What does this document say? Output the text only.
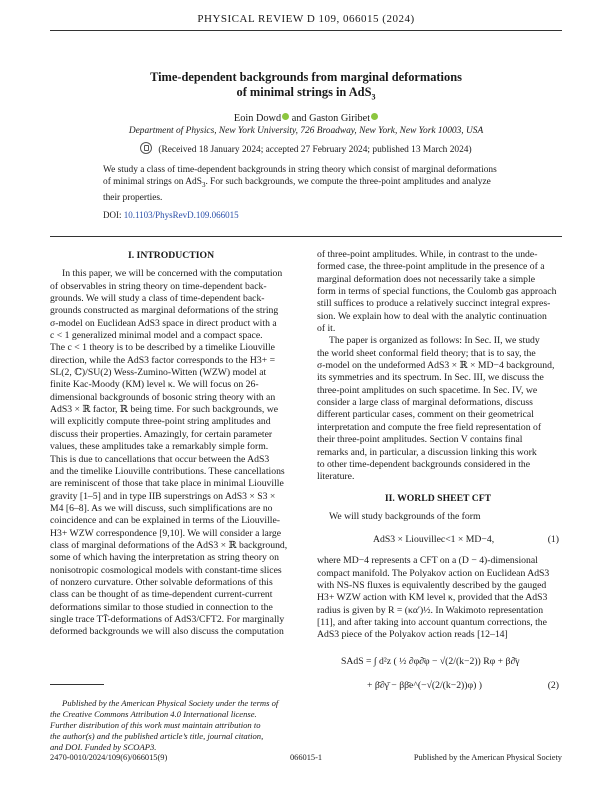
PHYSICAL REVIEW D 109, 066015 (2024)
Time-dependent backgrounds from marginal deformations
of minimal strings in AdS$_3$
Eoin Dowd and Gaston Giribet
Department of Physics, New York University, 726 Broadway, New York, New York 10003, USA
(Received 18 January 2024; accepted 27 February 2024; published 13 March 2024)
We study a class of time-dependent backgrounds in string theory which consist of marginal deformations
of minimal strings on AdS$_3$. For such backgrounds, we compute the three-point amplitudes and analyze
their properties.
DOI: 10.1103/PhysRevD.109.066015
I. INTRODUCTION
In this paper, we will be concerned with the computation
of observables in string theory on time-dependent back-
grounds. We will study a class of time-dependent back-
grounds constructed as marginal deformations of the string
σ-model on Euclidean AdS3 space in direct product with a
c < 1 generalized minimal model and a compact space.
The c < 1 theory is to be described by a timelike Liouville
direction, while the AdS3 factor corresponds to the H3+ =
SL(2, ℂ)/SU(2) Wess-Zumino-Witten (WZW) model at
finite Kac-Moody (KM) level κ. We will focus on 26-
dimensional backgrounds of bosonic string theory with an
AdS3 × ℝ factor, ℝ being time. For such backgrounds, we
will explicitly compute three-point string amplitudes and
discuss their properties. Amazingly, for certain parameter
values, these amplitudes take a remarkably simple form.
This is due to cancellations that occur between the AdS3
and the timelike Liouville contributions. These cancellations
are reminiscent of those that take place in minimal Liouville
gravity [1–5] and in type IIB superstrings on AdS3 × S3 ×
M4 [6–8]. As we will discuss, such simplifications are no
coincidence and can be explained in terms of the Liouville-
H3+ WZW correspondence [9,10]. We will consider a large
class of marginal deformations of the AdS3 × ℝ background,
some of which having the interpretation as string theory on
nonisotropic cosmological models with constant-time slices
of nonzero curvature. Other solvable deformations of this
class can be thought of as time-dependent current-current
deformations similar to those studied in connection to the
single trace TT̄-deformations of AdS3/CFT2. For marginally
deformed backgrounds we will also discuss the computation
of three-point amplitudes. While, in contrast to the unde-
formed case, the three-point amplitude in the presence of a
marginal deformation does not necessarily take a simple
form in terms of special functions, the Coulomb gas approach
still suffices to produce a relatively succinct integral expres-
sion. We explain how to deal with the analytic continuation
of it.
The paper is organized as follows: In Sec. II, we study
the world sheet conformal field theory; that is to say, the
σ-model on the undeformed AdS3 × ℝ × MD−4 background,
its symmetries and its spectrum. In Sec. III, we discuss the
three-point amplitudes on such spacetime. In Sec. IV, we
consider a large class of marginal deformations, discuss
different particular cases, comment on their geometrical
interpretation and compute the free field representation of
their three-point amplitudes. Section V contains final
remarks and, in particular, a discussion linking this work
to other time-dependent backgrounds considered in the
literature.
II. WORLD SHEET CFT
We will study backgrounds of the form
AdS3 × Liouvillec<1 × MD−4,	(1)
where MD−4 represents a CFT on a (D − 4)-dimensional
compact manifold. The Polyakov action on Euclidean AdS3
with NS-NS fluxes is equivalently described by the gauged
H3+ WZW action with KM level κ, provided that the AdS3
radius is given by R = (κα′)½. In Wakimoto representation
[11], and after taking into account quantum corrections, the
AdS3 piece of the Polyakov action reads [12–14]
SAdS = ∫ d²z ( ½ ∂φ∂̄φ − √(2/(k−2)) Rφ + β∂̄γ
+ β̄∂γ̄ − ββ̄e^(−√(2/(k−2))φ) )	(2)
Published by the American Physical Society under the terms of
the Creative Commons Attribution 4.0 International license.
Further distribution of this work must maintain attribution to
the author(s) and the published article’s title, journal citation,
and DOI. Funded by SCOAP3.
2470-0010/2024/109(6)/066015(9)	066015-1	Published by the American Physical Society
